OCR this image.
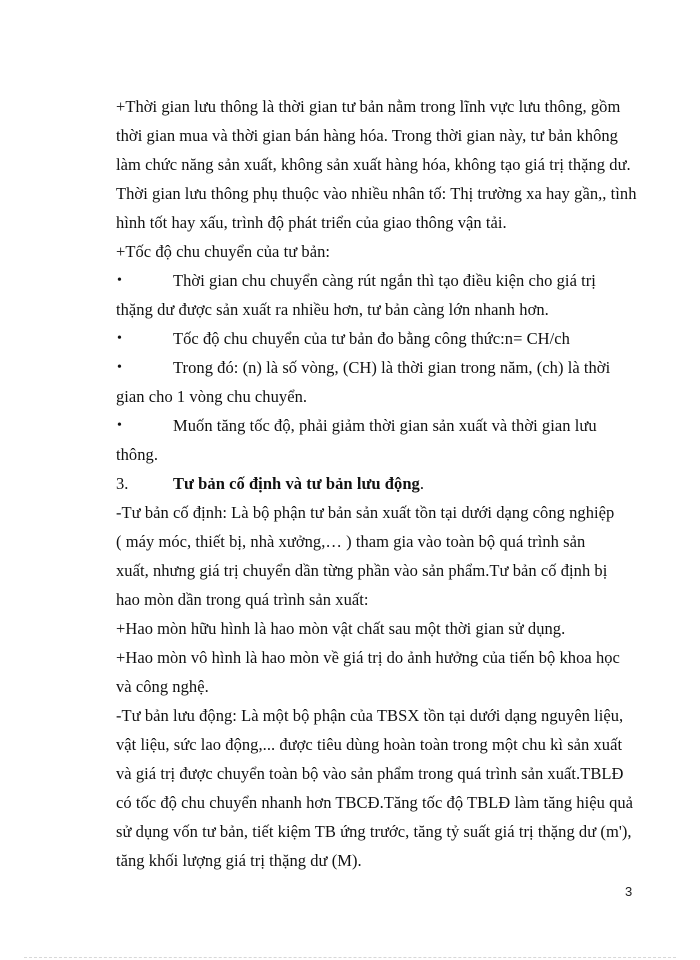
+Thời gian lưu thông là thời gian tư bản nằm trong lĩnh vực lưu thông, gồm

thời gian mua và thời gian bán hàng hóa. Trong thời gian này, tư bản không

làm chức năng sản xuất, không sản xuất hàng hóa, không tạo giá trị thặng dư.

Thời gian lưu thông phụ thuộc vào nhiều nhân tố: Thị trường xa hay gần,, tình

hình tốt hay xấu, trình độ phát triển của giao thông vận tải.

+Tốc độ chu chuyển của tư bản:

•	Thời gian chu chuyển càng rút ngắn thì tạo điều kiện cho giá trị

thặng dư được sản xuất ra nhiều hơn, tư bản càng lớn nhanh hơn.

•	Tốc độ chu chuyển của tư bản đo bằng công thức:n= CH/ch

•	Trong đó: (n) là số vòng, (CH) là thời gian trong năm, (ch) là thời

gian cho 1 vòng chu chuyển.

•	Muốn tăng tốc độ, phải giảm thời gian sản xuất và thời gian lưu

thông.

3.	Tư bản cố định và tư bản lưu động.

-Tư bản cố định: Là bộ phận tư bản sản xuất tồn tại dưới dạng công nghiệp

( máy móc, thiết bị, nhà xưởng,… ) tham gia vào toàn bộ quá trình sản

xuất, nhưng giá trị chuyển dần từng phần vào sản phẩm.Tư bản cố định bị

hao mòn dần trong quá trình sản xuất:

+Hao mòn hữu hình là hao mòn vật chất sau một thời gian sử dụng.

+Hao mòn vô hình là hao mòn về giá trị do ảnh hưởng của tiến bộ khoa học

và công nghệ.

-Tư bản lưu động: Là một bộ phận của TBSX tồn tại dưới dạng nguyên liệu,

vật liệu, sức lao động,... được tiêu dùng hoàn toàn trong một chu kì sản xuất

và giá trị được chuyển toàn bộ vào sản phẩm trong quá trình sản xuất.TBLĐ

có tốc độ chu chuyển nhanh hơn TBCĐ.Tăng tốc độ TBLĐ làm tăng hiệu quả

sử dụng vốn tư bản, tiết kiệm TB ứng trước, tăng tỷ suất giá trị thặng dư (m'),

tăng khối lượng giá trị thặng dư (M).

3
